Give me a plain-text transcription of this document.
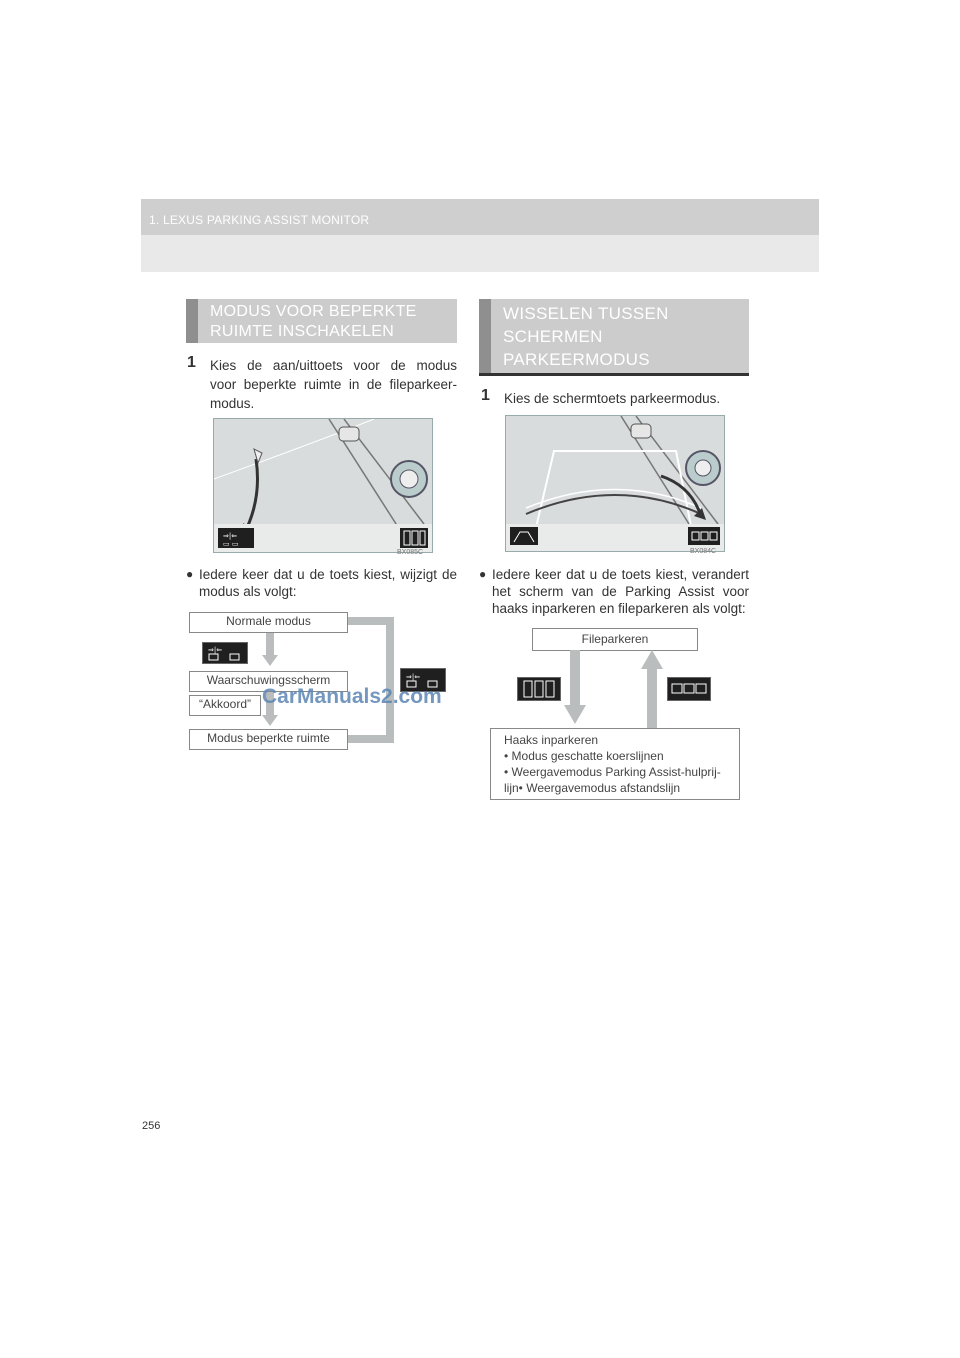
1. LEXUS PARKING ASSIST MONITOR
MODUS VOOR BEPERKTE
RUIMTE INSCHAKELEN
1 Kies de aan/uittoets voor de modus
voor beperkte ruimte in de fileparkeer-
modus.
⇒|⇐
▭ ▭
BX085C
● Iedere keer dat u de toets kiest, wijzigt de
modus als volgt:
Normale modus
⇒|⇐
Waarschuwingsscherm
“Akkoord”
Modus beperkte ruimte
⇒|⇐
CarManuals2.com
WISSELEN TUSSEN
SCHERMEN
PARKEERMODUS
1 Kies de schermtoets parkeermodus.
BX084C
● Iedere keer dat u de toets kiest, verandert
het scherm van de Parking Assist voor
haaks inparkeren en fileparkeren als volgt:
Fileparkeren
Haaks inparkeren
• Modus geschatte koerslijnen
• Weergavemodus Parking Assist-hulprij-
lijn• Weergavemodus afstandslijn
256
